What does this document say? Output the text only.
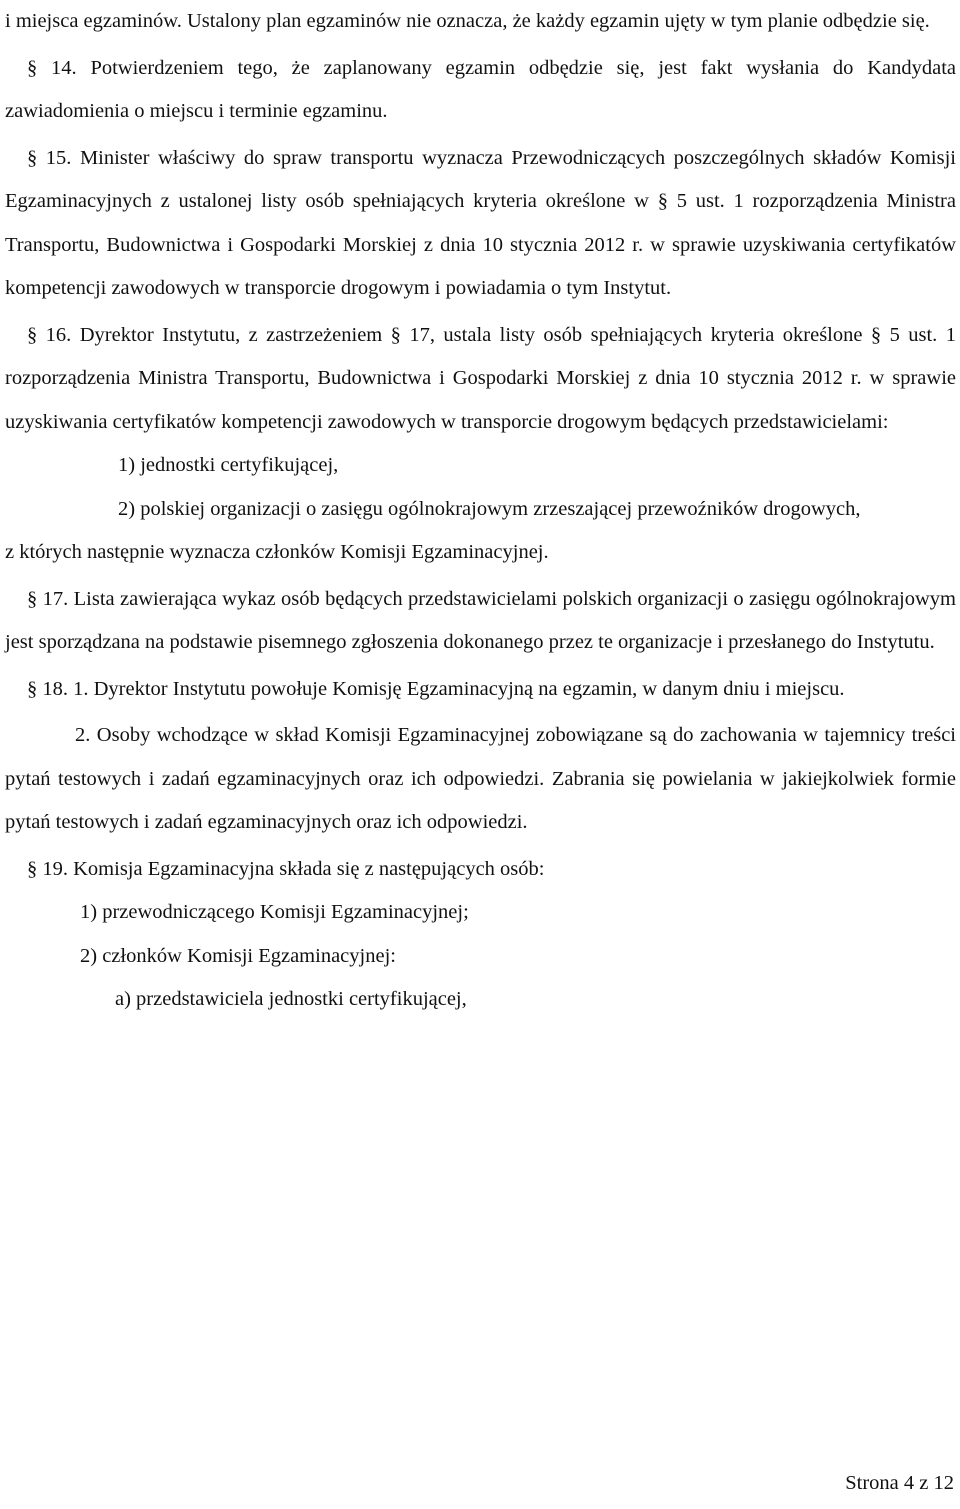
i miejsca egzaminów. Ustalony plan egzaminów nie oznacza, że każdy egzamin ujęty w tym planie odbędzie się.

§ 14. Potwierdzeniem tego, że zaplanowany egzamin odbędzie się, jest fakt wysłania do Kandydata zawiadomienia o miejscu i terminie egzaminu.

§ 15. Minister właściwy do spraw transportu wyznacza Przewodniczących poszczególnych składów Komisji Egzaminacyjnych z ustalonej listy osób spełniających kryteria określone w § 5 ust. 1 rozporządzenia Ministra Transportu, Budownictwa i Gospodarki Morskiej z dnia 10 stycznia 2012 r. w sprawie uzyskiwania certyfikatów kompetencji zawodowych w transporcie drogowym i powiadamia o tym Instytut.

§ 16. Dyrektor Instytutu, z zastrzeżeniem § 17, ustala listy osób spełniających kryteria określone § 5 ust. 1 rozporządzenia Ministra Transportu, Budownictwa i Gospodarki Morskiej z dnia 10 stycznia 2012 r. w sprawie uzyskiwania certyfikatów kompetencji zawodowych w transporcie drogowym będących przedstawicielami:

1) jednostki certyfikującej,

2) polskiej organizacji o zasięgu ogólnokrajowym zrzeszającej przewoźników drogowych,

z których następnie wyznacza członków Komisji Egzaminacyjnej.

§ 17. Lista zawierająca wykaz osób będących przedstawicielami polskich organizacji o zasięgu ogólnokrajowym jest sporządzana na podstawie pisemnego zgłoszenia dokonanego przez te organizacje i przesłanego do Instytutu.

§ 18. 1. Dyrektor Instytutu powołuje Komisję Egzaminacyjną na egzamin, w danym dniu i miejscu.

2. Osoby wchodzące w skład Komisji Egzaminacyjnej zobowiązane są do zachowania w tajemnicy treści pytań testowych i zadań egzaminacyjnych oraz ich odpowiedzi. Zabrania się powielania w jakiejkolwiek formie pytań testowych i zadań egzaminacyjnych oraz ich odpowiedzi.

§ 19. Komisja Egzaminacyjna składa się z następujących osób:

1) przewodniczącego Komisji Egzaminacyjnej;

2) członków Komisji Egzaminacyjnej:

a) przedstawiciela jednostki certyfikującej,

Strona 4 z 12
